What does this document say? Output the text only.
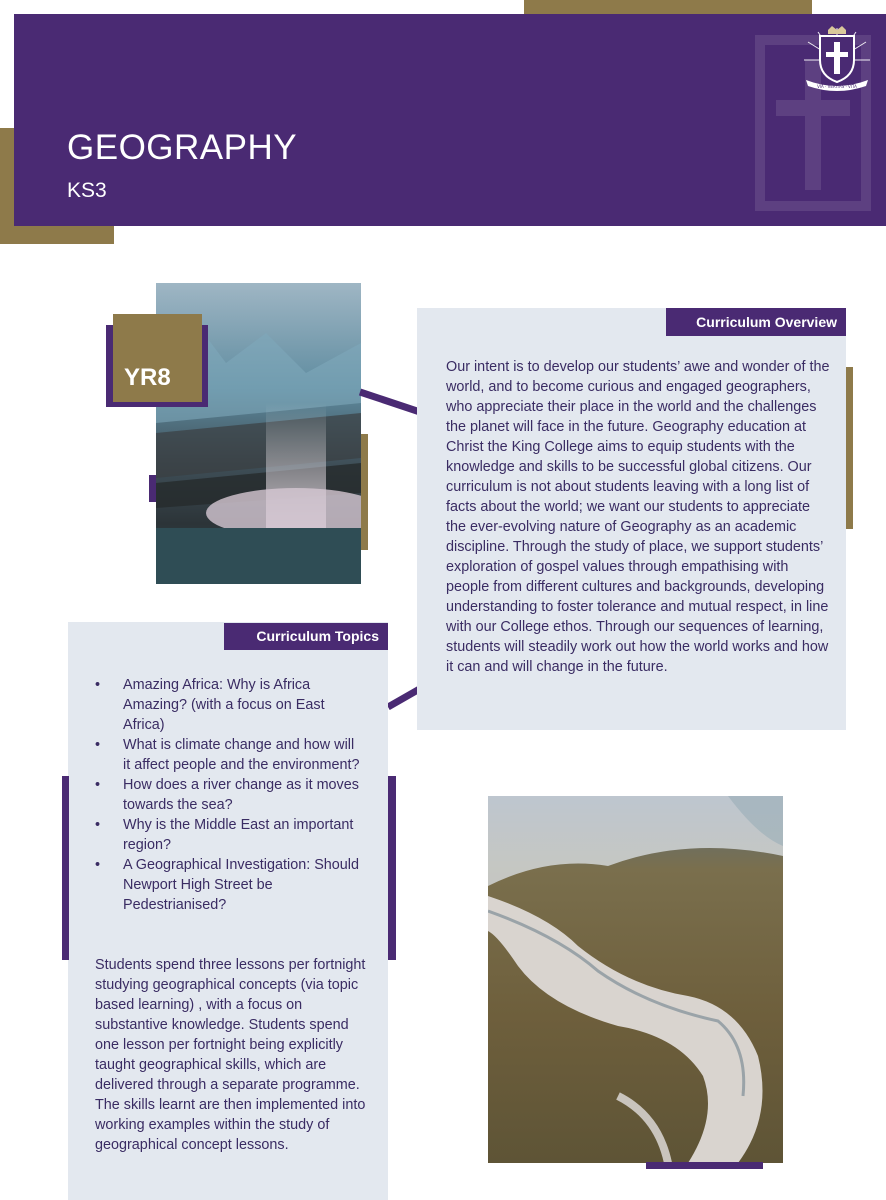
GEOGRAPHY
KS3
VIA · VERITAS · VITA
YR8
Curriculum Overview
Our intent is to develop our students’ awe and wonder of the world, and to become curious and engaged geographers, who appreciate their place in the world and the challenges the planet will face in the future. Geography education at Christ the King College aims to equip students with the knowledge and skills to be successful global citizens. Our curriculum is not about students leaving with a long list of facts about the world; we want our students to appreciate the ever-evolving nature of Geography as an academic discipline. Through the study of place, we support students’ exploration of gospel values through empathising with people from different cultures and backgrounds, developing understanding to foster tolerance and mutual respect, in line with our College ethos. Through our sequences of learning, students will steadily work out how the world works and how it can and will change in the future.
Curriculum Topics
• Amazing Africa: Why is Africa Amazing? (with a focus on East Africa)
• What is climate change and how will it affect people and the environment?
• How does a river change as it moves towards the sea?
• Why is the Middle East an important region?
• A Geographical Investigation: Should Newport High Street be Pedestrianised?
Students spend three lessons per fortnight studying geographical concepts (via topic based learning) , with a focus on substantive knowledge. Students spend one lesson per fortnight being explicitly taught geographical skills, which are delivered through a separate programme. The skills learnt are then implemented into working examples within the study of geographical concept lessons.
